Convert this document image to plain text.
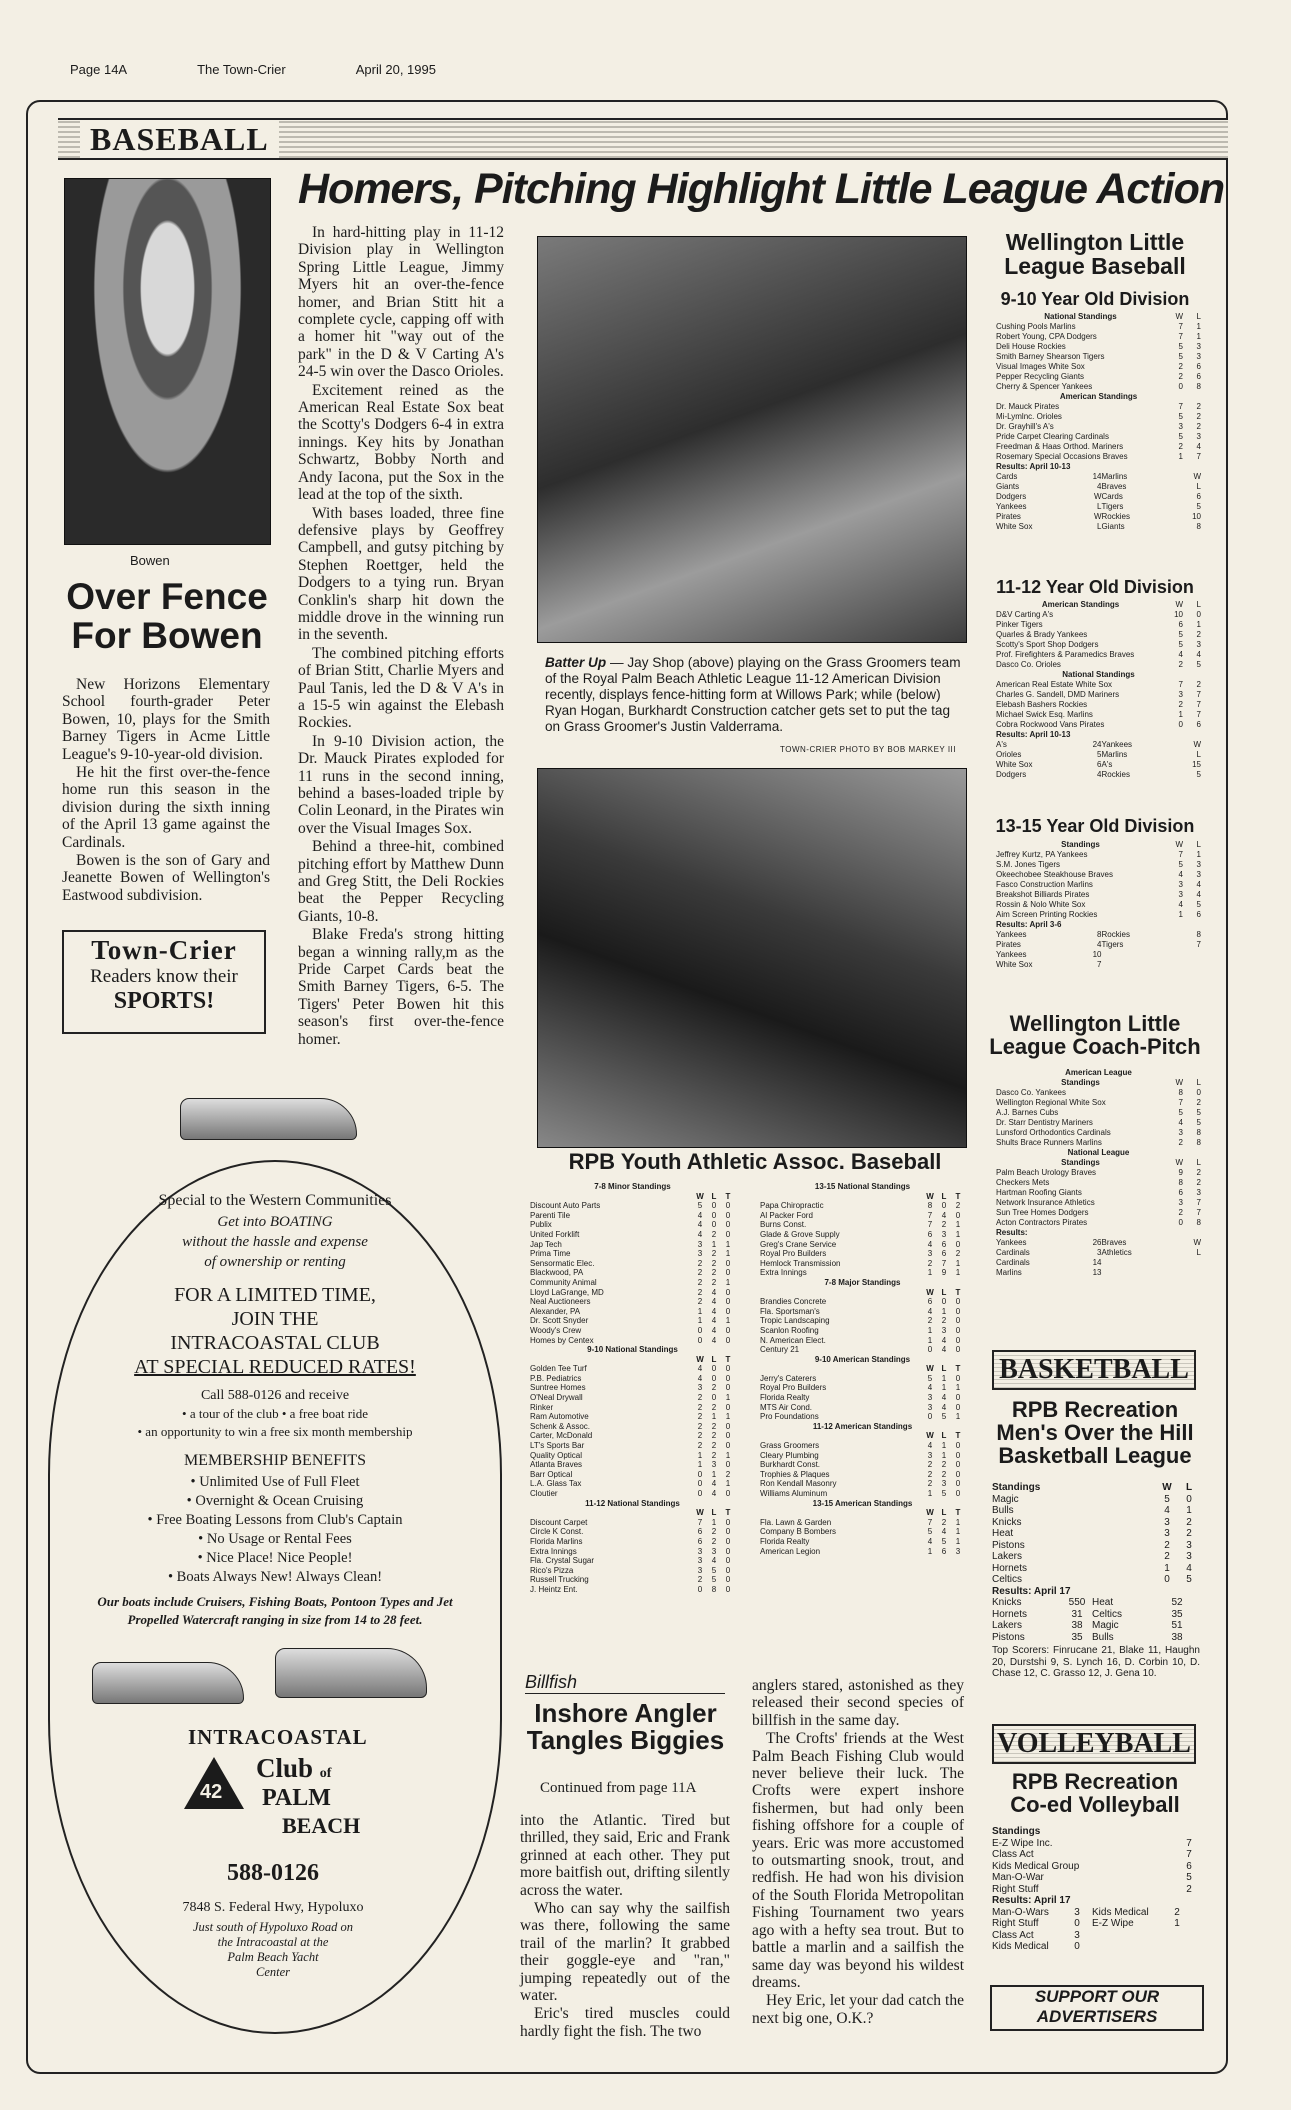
Page 14A	The Town-Crier	April 20, 1995
BASEBALL
Homers, Pitching Highlight Little League Action
Bowen
Over Fence
For Bowen

New Horizons Elementary School fourth-grader Peter Bowen, 10, plays for the Smith Barney Tigers in Acme Little League's 9-10-year-old division.

He hit the first over-the-fence home run this season in the division during the sixth inning of the April 13 game against the Cardinals.

Bowen is the son of Gary and Jeanette Bowen of Wellington's Eastwood subdivision.

Town-Crier
Readers know their
SPORTS!

In hard-hitting play in 11-12 Division play in Wellington Spring Little League, Jimmy Myers hit an over-the-fence homer, and Brian Stitt hit a complete cycle, capping off with a homer hit "way out of the park" in the D & V Carting A's 24-5 win over the Dasco Orioles.

Excitement reined as the American Real Estate Sox beat the Scotty's Dodgers 6-4 in extra innings. Key hits by Jonathan Schwartz, Bobby North and Andy Iacona, put the Sox in the lead at the top of the sixth.

With bases loaded, three fine defensive plays by Geoffrey Campbell, and gutsy pitching by Stephen Roettger, held the Dodgers to a tying run. Bryan Conklin's sharp hit down the middle drove in the winning run in the seventh.

The combined pitching efforts of Brian Stitt, Charlie Myers and Paul Tanis, led the D & V A's in a 15-5 win against the Elebash Rockies.

In 9-10 Division action, the Dr. Mauck Pirates exploded for 11 runs in the second inning, behind a bases-loaded triple by Colin Leonard, in the Pirates win over the Visual Images Sox.

Behind a three-hit, combined pitching effort by Matthew Dunn and Greg Stitt, the Deli Rockies beat the Pepper Recycling Giants, 10-8.

Blake Freda's strong hitting began a winning rally,m as the Pride Carpet Cards beat the Smith Barney Tigers, 6-5. The Tigers' Peter Bowen hit this season's first over-the-fence homer.

Batter Up — Jay Shop (above) playing on the Grass Groomers team of the Royal Palm Beach Athletic League 11-12 American Division recently, displays fence-hitting form at Willows Park; while (below) Ryan Hogan, Burkhardt Construction catcher gets set to put the tag on Grass Groomer's Justin Valderrama.
TOWN-CRIER PHOTO BY BOB MARKEY III
Wellington Little
League Baseball
9-10 Year Old Division
National Standings	W	L
Cushing Pools Marlins	7	1
Robert Young, CPA Dodgers	7	1
Deli House Rockies	5	3
Smith Barney Shearson Tigers	5	3
Visual Images White Sox	2	6
Pepper Recycling Giants	2	6
Cherry & Spencer Yankees	0	8
American Standings
Dr. Mauck Pirates	7	2
Mi-Lymlnc. Orioles	5	2
Dr. Grayhill's A's	3	2
Pride Carpet Clearing Cardinals	5	3
Freedman & Haas Orthod. Mariners	2	4
Rosemary Special Occasions Braves	1	7
Results: April 10-13
Cards	14 Marlins	W
Giants	4 Braves	L
Dodgers	W Cards	6
Yankees	L Tigers	5
Pirates	W Rockies	10
White Sox	L Giants	8
11-12 Year Old Division
American Standings	W	L
D&V Carting A's	10	0
Pinker Tigers	6	1
Quarles & Brady Yankees	5	2
Scotty's Sport Shop Dodgers	5	3
Prof. Firefighters & Paramedics Braves	4	4
Dasco Co. Orioles	2	5
National Standings
American Real Estate White Sox	7	2
Charles G. Sandell, DMD Mariners	3	7
Elebash Bashers Rockies	2	7
Michael Swick Esq. Marlins	1	7
Cobra Rockwood Vans Pirates	0	6
Results: April 10-13
A's	24 Yankees	W
Orioles	5 Marlins	L
White Sox	6 A's	15
Dodgers	4 Rockies	5
13-15 Year Old Division
Standings	W	L
Jeffrey Kurtz, PA Yankees	7	1
S.M. Jones Tigers	5	3
Okeechobee Steakhouse Braves	4	3
Fasco Construction Marlins	3	4
Breakshot Billiards Pirates	3	4
Rossin & Nolo White Sox	4	5
Aim Screen Printing Rockies	1	6
Results: April 3-6
Yankees	8 Rockies	8
Pirates	4 Tigers	7
Yankees	10
White Sox	7
Wellington Little
League Coach-Pitch
American League
Standings	W	L
Dasco Co. Yankees	8	0
Wellington Regional White Sox	7	2
A.J. Barnes Cubs	5	5
Dr. Starr Dentistry Mariners	4	5
Lunsford Orthodontics Cardinals	3	8
Shults Brace Runners Marlins	2	8
National League
Standings	W	L
Palm Beach Urology Braves	9	2
Checkers Mets	8	2
Hartman Roofing Giants	6	3
Network Insurance Athletics	3	7
Sun Tree Homes Dodgers	2	7
Acton Contractors Pirates	0	8
Results:
Yankees	26 Braves	W
Cardinals	3 Athletics	L
Cardinals	14
Marlins	13
RPB Youth Athletic Assoc. Baseball
7-8 Minor Standings
W L	T
Discount Auto Parts	5	0	0
Parenti Tile	4	0	0
Publix	4	0	0
United Forklift	4	2	0
Jap Tech	3	1	1
Prima Time	3	2	1
Sensormatic Elec.	2	2	0
Blackwood, PA	2	2	0
Community Animal	2	2	1
Lloyd LaGrange, MD	2	4	0
Neal Auctioneers	2	4	0
Alexander, PA	1	4	0
Dr. Scott Snyder	1	4	1
Woody's Crew	0	4	0
Homes by Centex	0	4	0
9-10 National Standings
W L	T
Golden Tee Turf	4	0	0
P.B. Pediatrics	4	0	0
Suntree Homes	3	2	0
O'Neal Drywall	2	0	1
Rinker	2	2	0
Ram Automotive	2	1	1
Schenk & Assoc.	2	2	0
Carter, McDonald	2	2	0
LT's Sports Bar	2	2	0
Quality Optical	1	2	1
Atlanta Braves	1	3	0
Barr Optical	0	1	2
L.A. Glass Tax	0	4	1
Cloutier	0	4	0
11-12 National Standings
W L	T
Discount Carpet	7	1	0
Circle K Const.	6	2	0
Florida Marlins	6	2	0
Extra Innings	3	3	0
Fla. Crystal Sugar	3	4	0
Rico's Pizza	3	5	0
Russell Trucking	2	5	0
J. Heintz Ent.	0	8	0
13-15 National Standings
W L	T
Papa Chiropractic	8	0	2
Al Packer Ford	7	4	0
Burns Const.	7	2	1
Glade & Grove Supply	6	3	1
Greg's Crane Service	4	6	0
Royal Pro Builders	3	6	2
Hemlock Transmission	2	7	1
Extra Innings	1	9	1
7-8 Major Standings
W L	T
Brandies Concrete	6	0	0
Fla. Sportsman's	4	1	0
Tropic Landscaping	2	2	0
Scanlon Roofing	1	3	0
N. American Elect.	1	4	0
Century 21	0	4	0
9-10 American Standings
W L	T
Jerry's Caterers	5	1	0
Royal Pro Builders	4	1	1
Florida Realty	3	4	0
MTS Air Cond.	3	4	0
Pro Foundations	0	5	1
11-12 American Standings
W L	T
Grass Groomers	4	1	0
Cleary Plumbing	3	1	0
Burkhardt Const.	2	2	0
Trophies & Plaques	2	2	0
Ron Kendall Masonry	2	3	0
Williams Aluminum	1	5	0
13-15 American Standings
W L	T
Fla. Lawn & Garden	7	2	1
Company B Bombers	5	4	1
Florida Realty	4	5	1
American Legion	1	6	3
Special to the Western Communities
Get into BOATING
without the hassle and expense
of ownership or renting
FOR A LIMITED TIME,
JOIN THE
INTRACOASTAL CLUB
AT SPECIAL REDUCED RATES!
Call 588-0126 and receive
• a tour of the club • a free boat ride
• an opportunity to win a free six month membership
MEMBERSHIP BENEFITS
• Unlimited Use of Full Fleet
• Overnight & Ocean Cruising
• Free Boating Lessons from Club's Captain
• No Usage or Rental Fees
• Nice Place! Nice People!
• Boats Always New! Always Clean!
Our boats include Cruisers, Fishing Boats, Pontoon Types and Jet
Propelled Watercraft ranging in size from 14 to 28 feet.
INTRACOASTAL
42
Club of
PALM
BEACH
588-0126
7848 S. Federal Hwy, Hypoluxo
Just south of Hypoluxo Road on
the Intracoastal at the
Palm Beach Yacht
Center
Billfish
Inshore Angler
Tangles Biggies
Continued from page 11A

into the Atlantic. Tired but thrilled, they said, Eric and Frank grinned at each other. They put more baitfish out, drifting silently across the water.

Who can say why the sailfish was there, following the same trail of the marlin? It grabbed their goggle-eye and "ran," jumping repeatedly out of the water.

Eric's tired muscles could hardly fight the fish. The two

anglers stared, astonished as they released their second species of billfish in the same day.

The Crofts' friends at the West Palm Beach Fishing Club would never believe their luck. The Crofts were expert inshore fishermen, but had only been fishing offshore for a couple of years. Eric was more accustomed to outsmarting snook, trout, and redfish. He had won his division of the South Florida Metropolitan Fishing Tournament two years ago with a hefty sea trout. But to battle a marlin and a sailfish the same day was beyond his wildest dreams.

Hey Eric, let your dad catch the next big one, O.K.?

BASKETBALL
RPB Recreation
Men's Over the Hill
Basketball League
Standings	W	L
Magic	5	0
Bulls	4	1
Knicks	3	2
Heat	3	2
Pistons	2	3
Lakers	2	3
Hornets	1	4
Celtics	0	5
Results: April 17
Knicks	550 Heat	52
Hornets	31 Celtics	35
Lakers	38 Magic	51
Pistons	35 Bulls	38
Top Scorers: Finrucane 21, Blake 11, Haughn 20, Durstshi 9, S. Lynch 16, D. Corbin 10, D. Chase 12, C. Grasso 12, J. Gena 10.
VOLLEYBALL
RPB Recreation
Co-ed Volleyball
Standings
E-Z Wipe Inc.	7
Class Act	7
Kids Medical Group	6
Man-O-War	5
Right Stuff	2
Results: April 17
Man-O-Wars	3	Kids Medical	2
Right Stuff	0	E-Z Wipe	1
Class Act	3
Kids Medical	0
SUPPORT OUR
ADVERTISERS
